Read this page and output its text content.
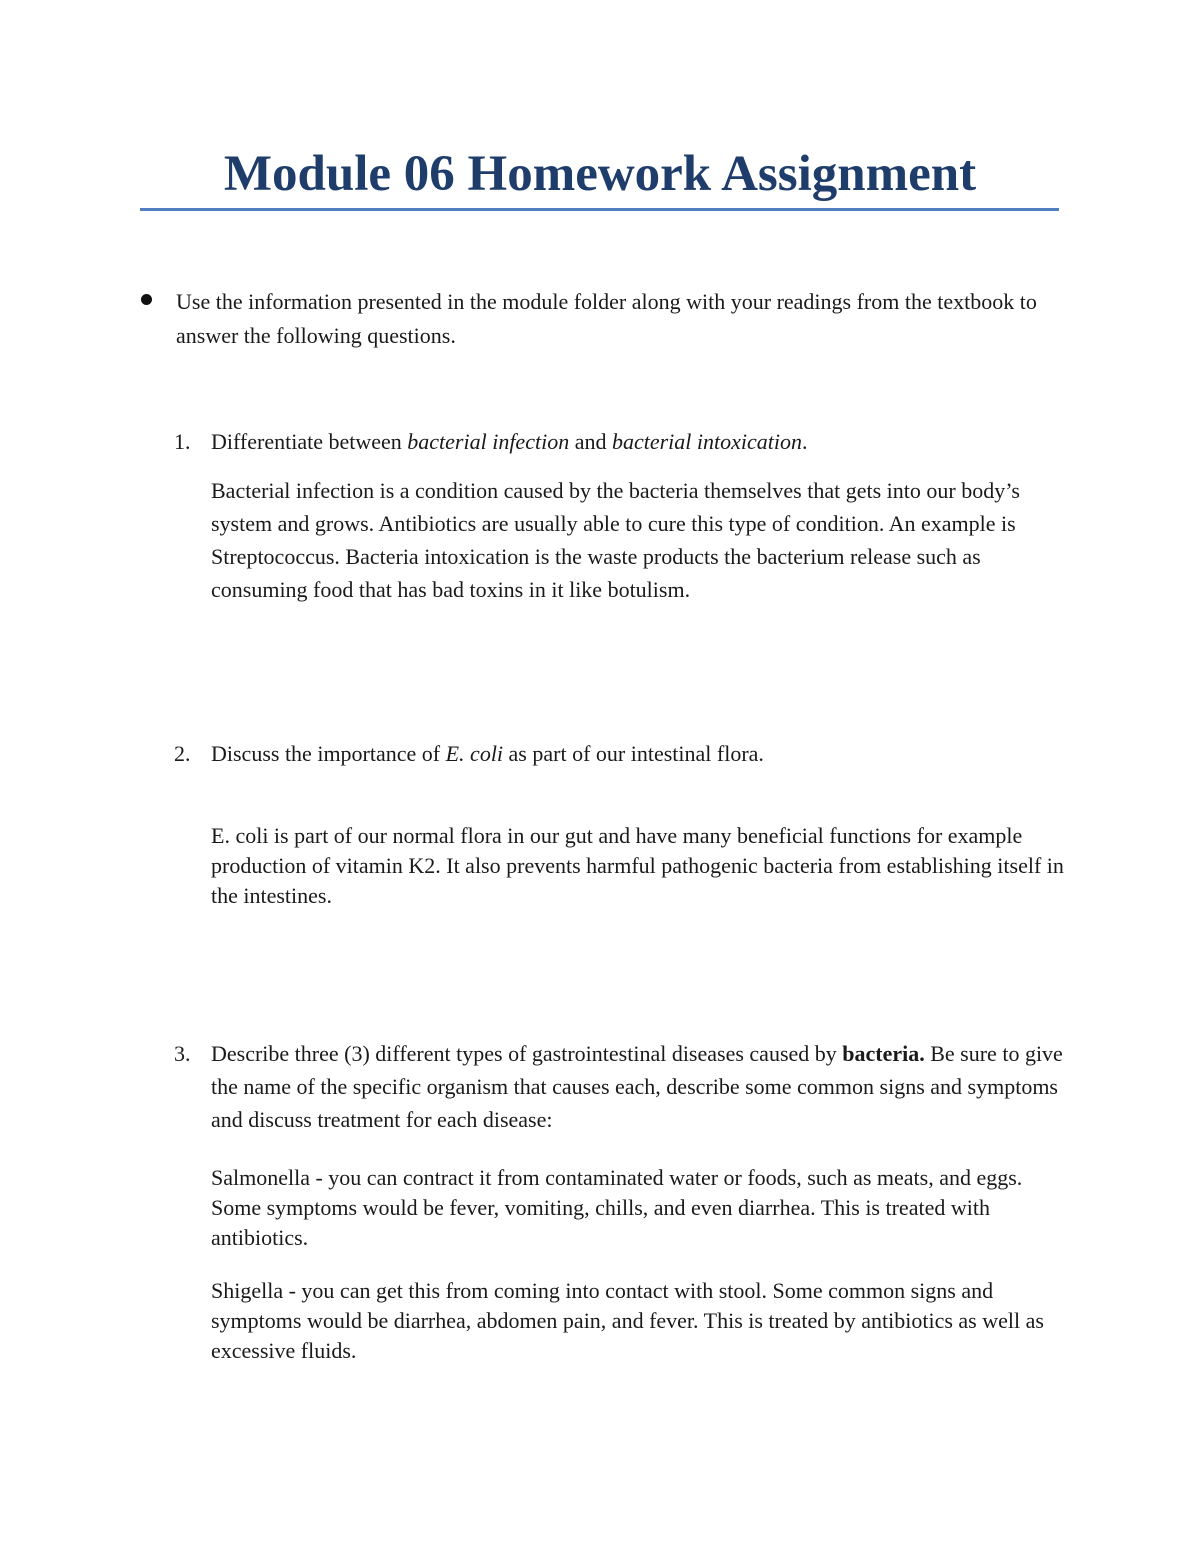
Module 06 Homework Assignment
Use the information presented in the module folder along with your readings from the textbook to answer the following questions.
1. Differentiate between bacterial infection and bacterial intoxication.
Bacterial infection is a condition caused by the bacteria themselves that gets into our body’s system and grows. Antibiotics are usually able to cure this type of condition. An example is Streptococcus. Bacteria intoxication is the waste products the bacterium release such as consuming food that has bad toxins in it like botulism.
2. Discuss the importance of E. coli as part of our intestinal flora.
E. coli is part of our normal flora in our gut and have many beneficial functions for example production of vitamin K2. It also prevents harmful pathogenic bacteria from establishing itself in the intestines.
3. Describe three (3) different types of gastrointestinal diseases caused by bacteria. Be sure to give the name of the specific organism that causes each, describe some common signs and symptoms and discuss treatment for each disease:
Salmonella - you can contract it from contaminated water or foods, such as meats, and eggs. Some symptoms would be fever, vomiting, chills, and even diarrhea. This is treated with antibiotics.
Shigella - you can get this from coming into contact with stool. Some common signs and symptoms would be diarrhea, abdomen pain, and fever. This is treated by antibiotics as well as excessive fluids.
